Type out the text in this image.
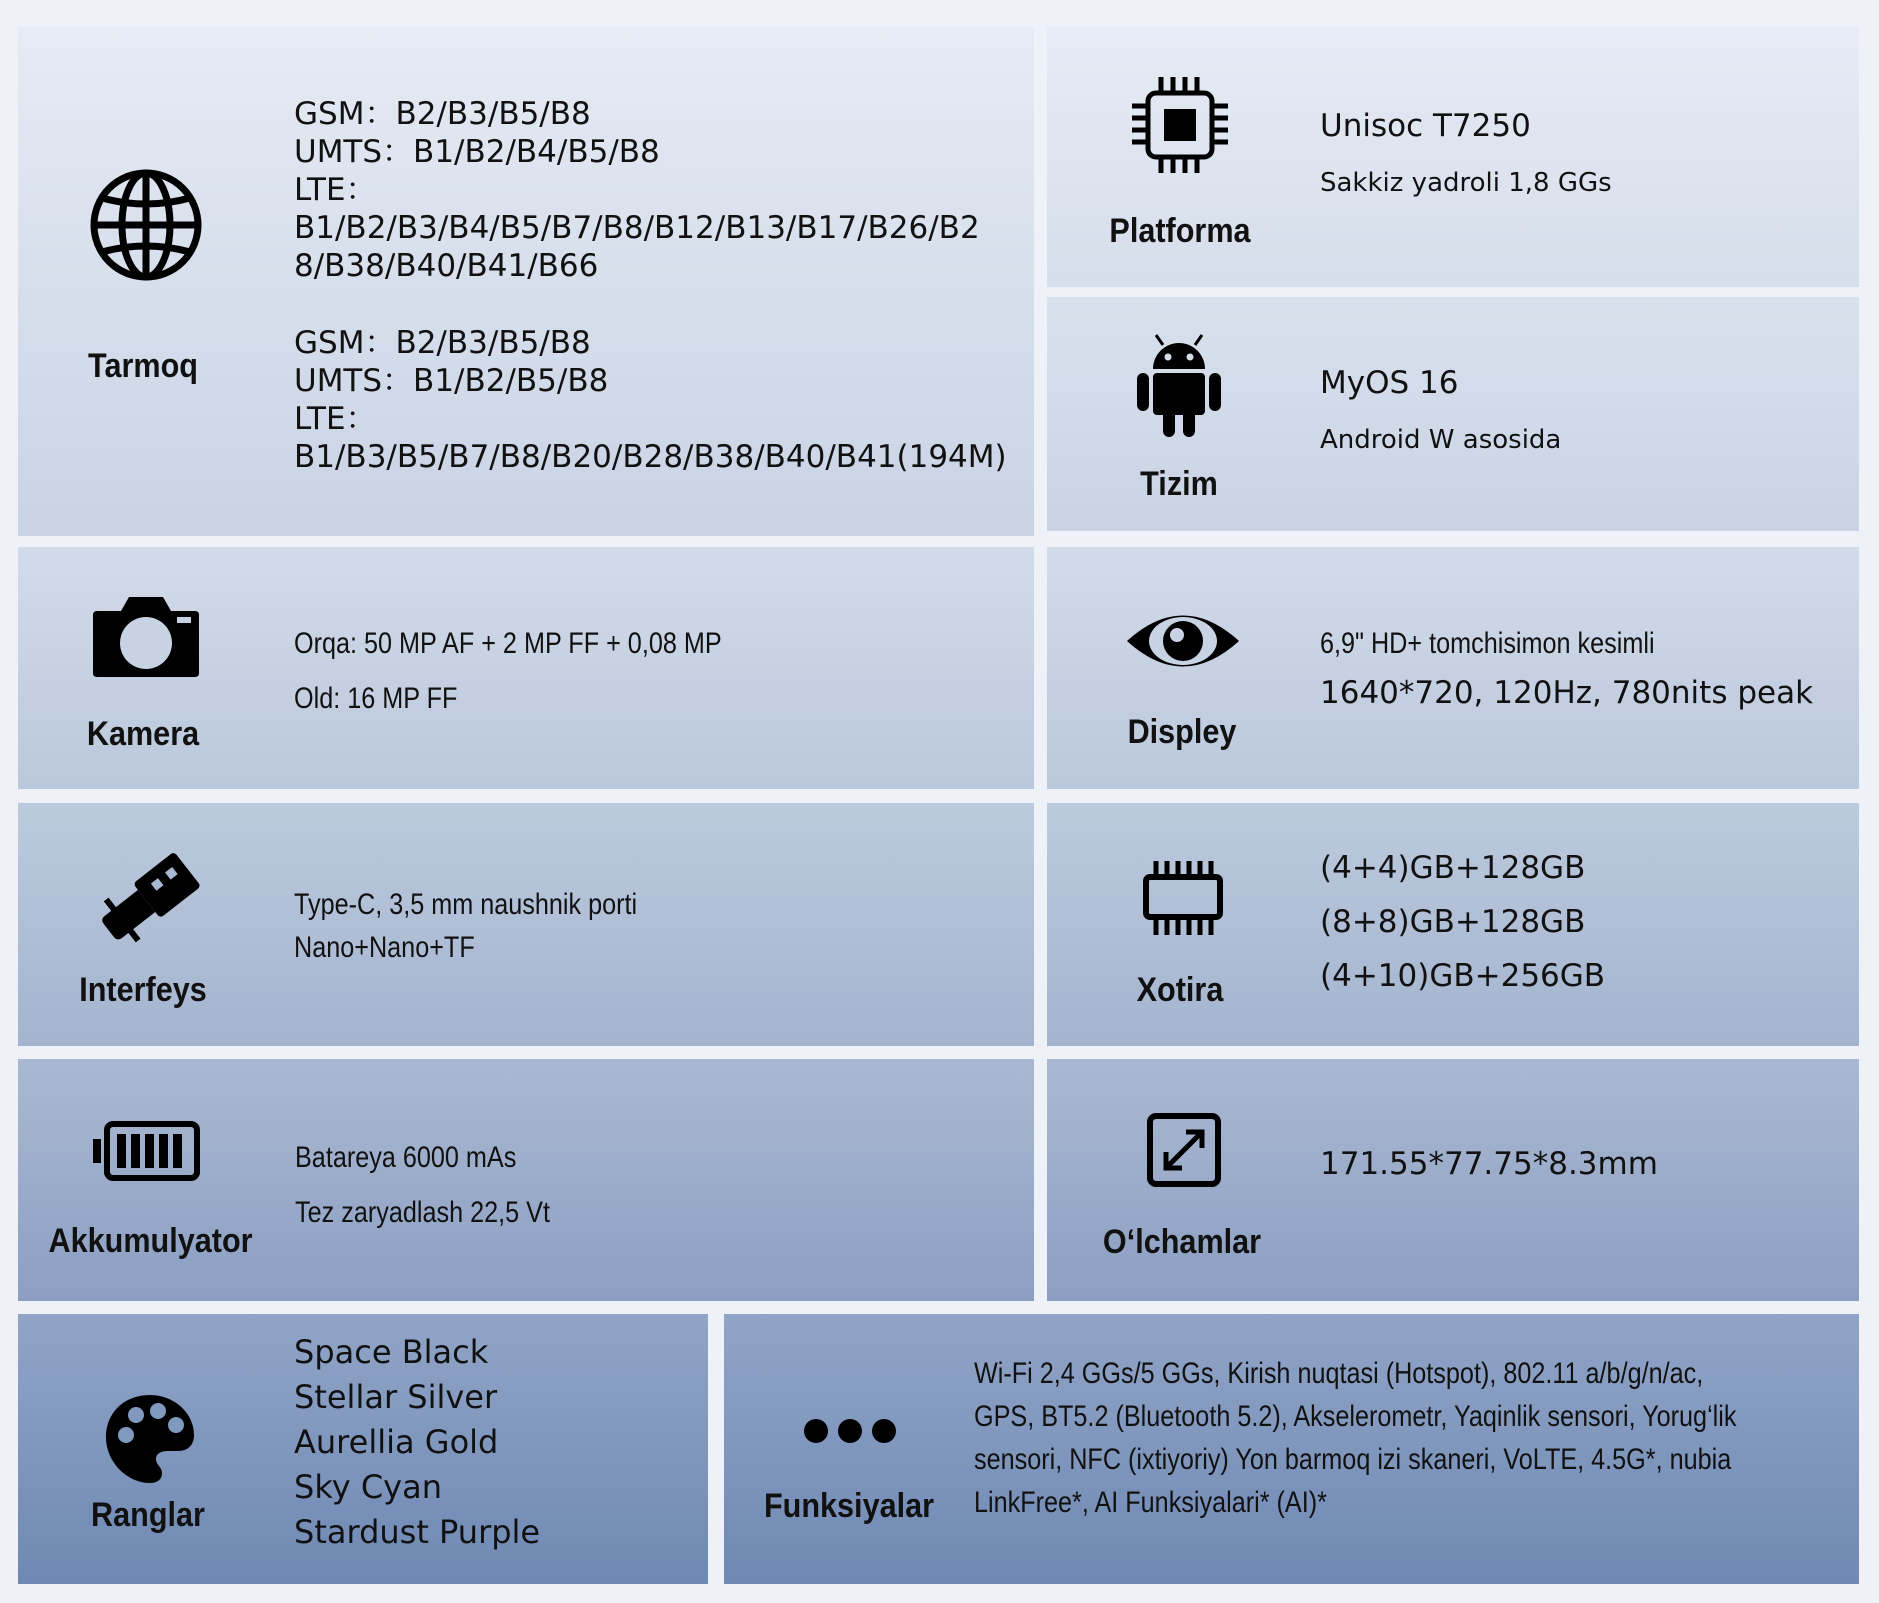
Tarmoq
GSM：B2/B3/B5/B8
UMTS：B1/B2/B4/B5/B8
LTE：
B1/B2/B3/B4/B5/B7/B8/B12/B13/B17/B26/B2
8/B38/B40/B41/B66
GSM：B2/B3/B5/B8
UMTS：B1/B2/B5/B8
LTE：
B1/B3/B5/B7/B8/B20/B28/B38/B40/B41(194M)
Platforma
Unisoc T7250
Sakkiz yadroli 1,8 GGs
Tizim
MyOS 16
Android W asosida
Kamera
Orqa: 50 MP AF + 2 MP FF + 0,08 MP
Old: 16 MP FF
Displey
6,9" HD+ tomchisimon kesimli
1640*720, 120Hz, 780nits peak
Interfeys
Type-C, 3,5 mm naushnik porti
Nano+Nano+TF
Xotira
(4+4)GB+128GB
(8+8)GB+128GB
(4+10)GB+256GB
Akkumulyator
Batareya 6000 mAs
Tez zaryadlash 22,5 Vt
O‘lchamlar
171.55*77.75*8.3mm
Ranglar
Space Black
Stellar Silver
Aurellia Gold
Sky Cyan
Stardust Purple
Funksiyalar
Wi-Fi 2,4 GGs/5 GGs, Kirish nuqtasi (Hotspot), 802.11 a/b/g/n/ac,
GPS, BT5.2 (Bluetooth 5.2), Akselerometr, Yaqinlik sensori, Yorug‘lik
sensori, NFC (ixtiyoriy) Yon barmoq izi skaneri, VoLTE, 4.5G*, nubia
LinkFree*, AI Funksiyalari* (AI)*
